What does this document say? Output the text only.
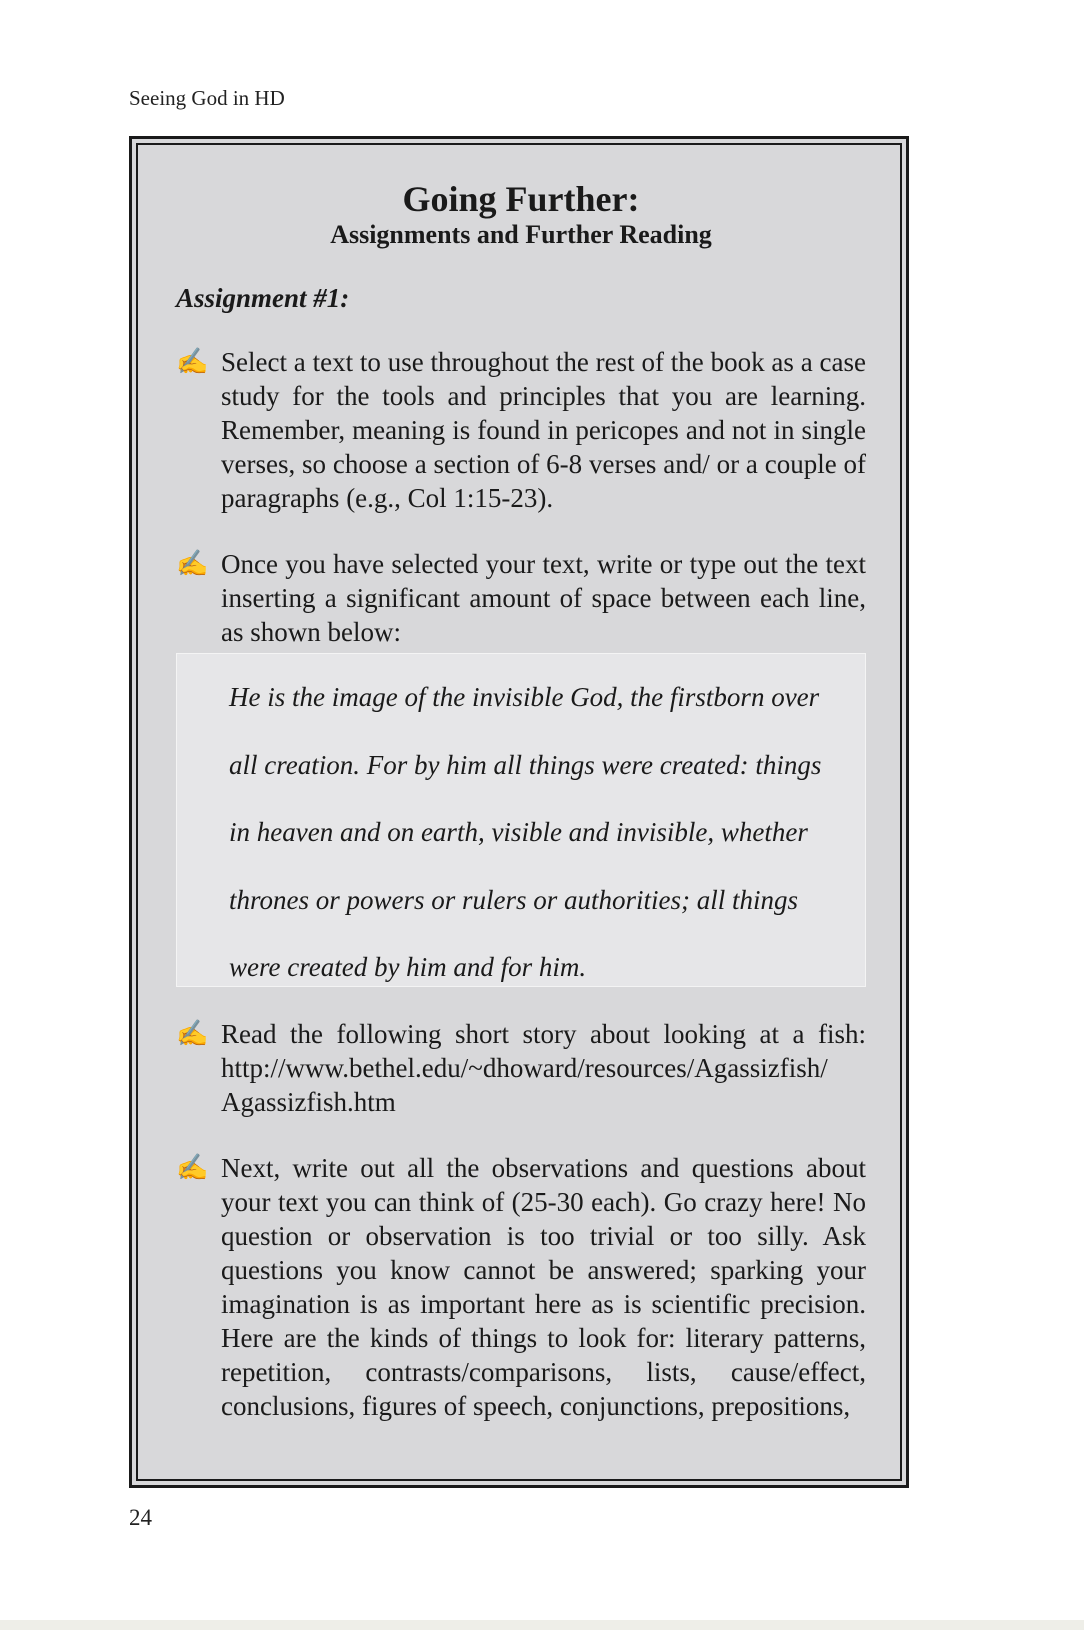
Seeing God in HD

Going Further:

Assignments and Further Reading

Assignment #1:

✍ Select a text to use throughout the rest of the book as a case study for the tools and principles that you are learning. Remember, meaning is found in pericopes and not in single verses, so choose a section of 6-8 verses and/ or a couple of paragraphs (e.g., Col 1:15-23).
✍ Once you have selected your text, write or type out the text inserting a significant amount of space between each line, as shown below:
He is the image of the invisible God, the firstborn over
all creation. For by him all things were created: things
in heaven and on earth, visible and invisible, whether
thrones or powers or rulers or authorities; all things
were created by him and for him.
✍ Read the following short story about looking at a fish: http://www.bethel.edu/~dhoward/resources/Agassizfish/ Agassizfish.htm
✍ Next, write out all the observations and questions about your text you can think of (25-30 each). Go crazy here! No question or observation is too trivial or too silly. Ask questions you know cannot be answered; sparking your imagination is as important here as is scientific precision. Here are the kinds of things to look for: literary patterns, repetition, contrasts/comparisons, lists, cause/effect, conclusions, figures of speech, conjunctions, prepositions,
24
